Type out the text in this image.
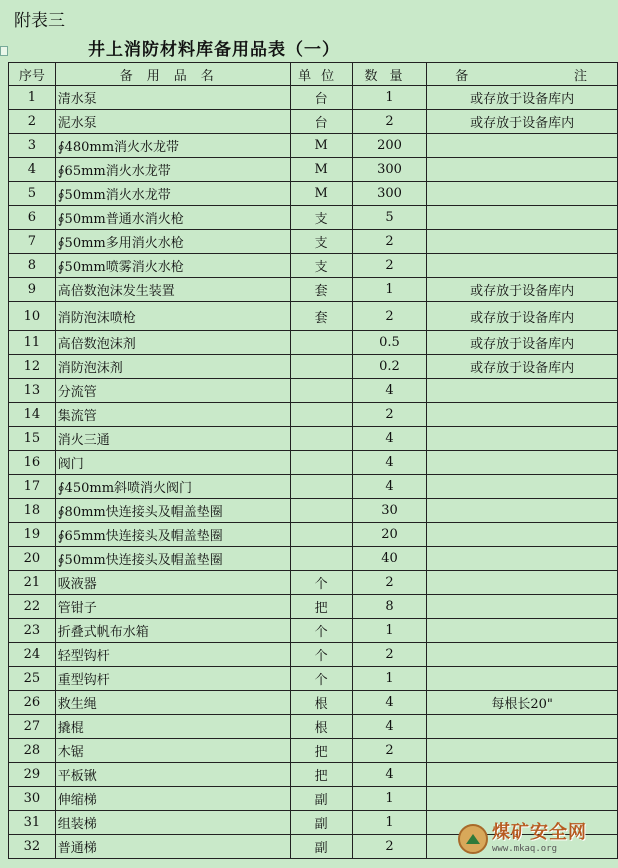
附表三
井上消防材料库备用品表（一）
序号	备用品名	单位	数量	备 注

1	清水泵	台	1	或存放于设备库内
2	泥水泵	台	2	或存放于设备库内
3	∮480mm消火水龙带	M	200	
4	∮65mm消火水龙带	M	300	
5	∮50mm消火水龙带	M	300	
6	∮50mm普通水消火枪	支	5	
7	∮50mm多用消火水枪	支	2	
8	∮50mm喷雾消火水枪	支	2	
9	高倍数泡沫发生装置	套	1	或存放于设备库内
10	消防泡沫喷枪	套	2	或存放于设备库内
11	高倍数泡沫剂		0.5	或存放于设备库内
12	消防泡沫剂		0.2	或存放于设备库内
13	分流管		4	
14	集流管		2	
15	消火三通		4	
16	阀门		4	
17	∮450mm斜喷消火阀门		4	
18	∮80mm快连接头及帽盖垫圈		30	
19	∮65mm快连接头及帽盖垫圈		20	
20	∮50mm快连接头及帽盖垫圈		40	
21	吸液器	个	2	
22	管钳子	把	8	
23	折叠式帆布水箱	个	1	
24	轻型钩杆	个	2	
25	重型钩杆	个	1	
26	救生绳	根	4	每根长20"
27	撬棍	根	4	
28	木锯	把	2	
29	平板锹	把	4	
30	伸缩梯	副	1	
31	组装梯	副	1	
32	普通梯	副	2	
煤矿安全网
www.mkaq.org
